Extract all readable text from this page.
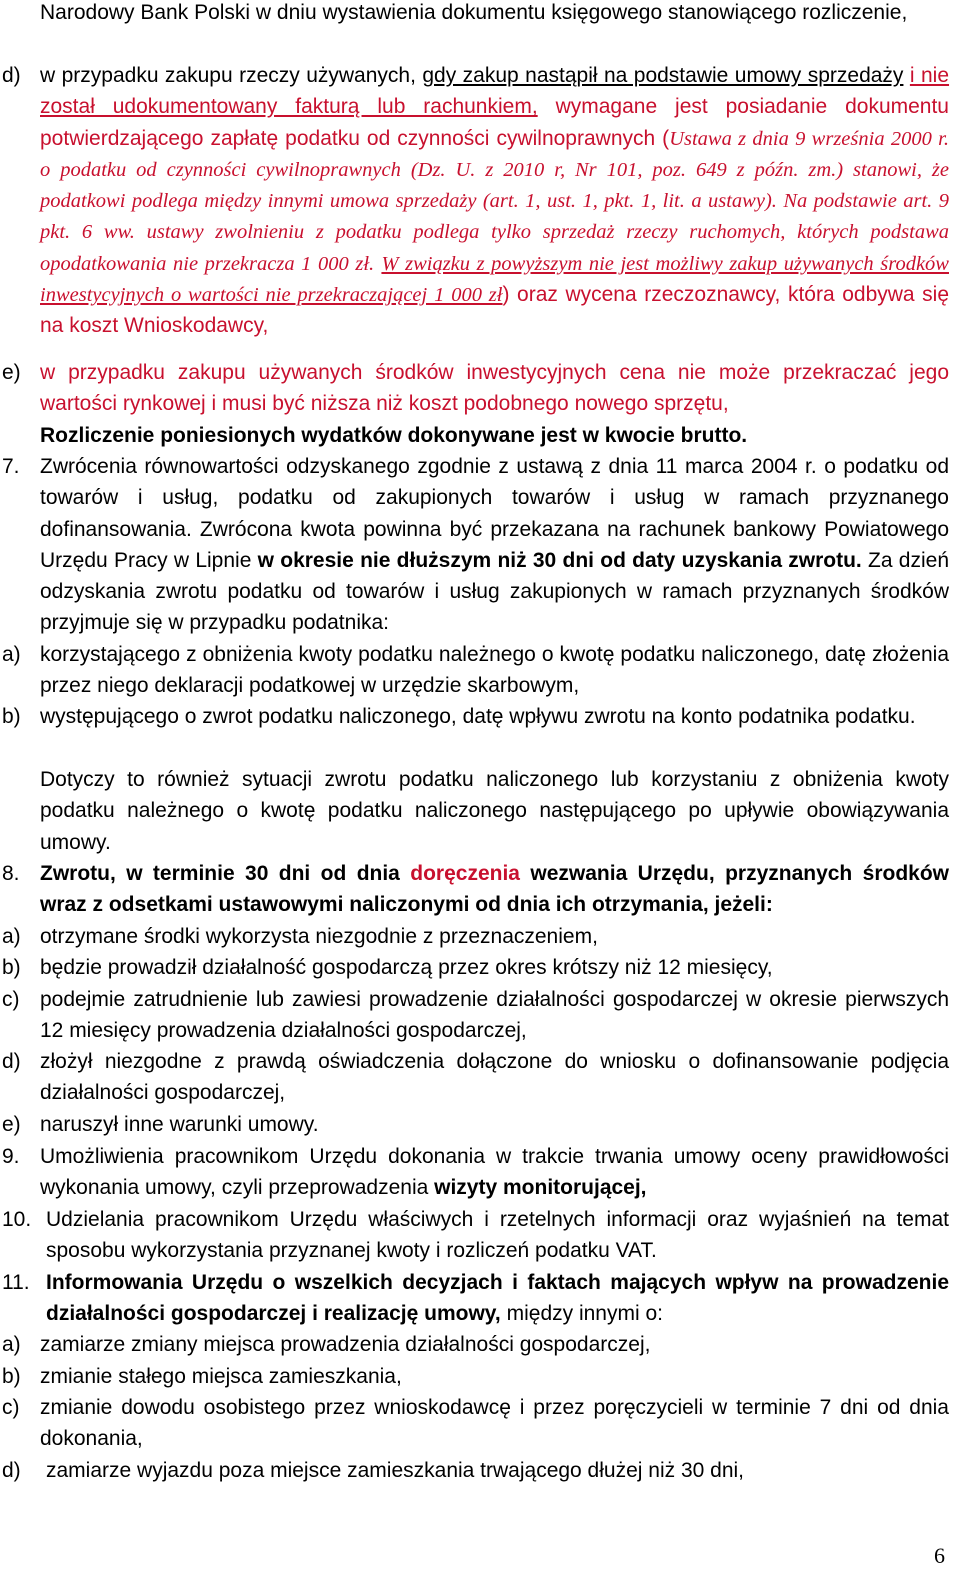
Narodowy Bank Polski w dniu wystawienia dokumentu księgowego stanowiącego rozliczenie,
d) w przypadku zakupu rzeczy używanych, gdy zakup nastąpił na podstawie umowy sprzedaży i nie został udokumentowany fakturą lub rachunkiem, wymagane jest posiadanie dokumentu potwierdzającego zapłatę podatku od czynności cywilnoprawnych (Ustawa z dnia 9 września 2000 r. o podatku od czynności cywilnoprawnych (Dz. U. z 2010 r, Nr 101, poz. 649 z późn. zm.) stanowi, że podatkowi podlega między innymi umowa sprzedaży (art. 1, ust. 1, pkt. 1, lit. a ustawy). Na podstawie art. 9 pkt. 6 ww. ustawy zwolnieniu z podatku podlega tylko sprzedaż rzeczy ruchomych, których podstawa opodatkowania nie przekracza 1 000 zł. W związku z powyższym nie jest możliwy zakup używanych środków inwestycyjnych o wartości nie przekraczającej 1 000 zł) oraz wycena rzeczoznawcy, która odbywa się na koszt Wnioskodawcy,
e) w przypadku zakupu używanych środków inwestycyjnych cena nie może przekraczać jego wartości rynkowej i musi być niższa niż koszt podobnego nowego sprzętu,
Rozliczenie poniesionych wydatków dokonywane jest w kwocie brutto.
7. Zwrócenia równowartości odzyskanego zgodnie z ustawą z dnia 11 marca 2004 r. o podatku od towarów i usług, podatku od zakupionych towarów i usług w ramach przyznanego dofinansowania. Zwrócona kwota powinna być przekazana na rachunek bankowy Powiatowego Urzędu Pracy w Lipnie w okresie nie dłuższym niż 30 dni od daty uzyskania zwrotu. Za dzień odzyskania zwrotu podatku od towarów i usług zakupionych w ramach przyznanych środków przyjmuje się w przypadku podatnika:
a) korzystającego z obniżenia kwoty podatku należnego o kwotę podatku naliczonego, datę złożenia przez niego deklaracji podatkowej w urzędzie skarbowym,
b) występującego o zwrot podatku naliczonego, datę wpływu zwrotu na konto podatnika podatku.
Dotyczy to również sytuacji zwrotu podatku naliczonego lub korzystaniu z obniżenia kwoty podatku należnego o kwotę podatku naliczonego następującego po upływie obowiązywania umowy.
8. Zwrotu, w terminie 30 dni od dnia doręczenia wezwania Urzędu, przyznanych środków wraz z odsetkami ustawowymi naliczonymi od dnia ich otrzymania, jeżeli:
a) otrzymane środki wykorzysta niezgodnie z przeznaczeniem,
b) będzie prowadził działalność gospodarczą przez okres krótszy niż 12 miesięcy,
c) podejmie zatrudnienie lub zawiesi prowadzenie działalności gospodarczej w okresie pierwszych 12 miesięcy prowadzenia działalności gospodarczej,
d) złożył niezgodne z prawdą oświadczenia dołączone do wniosku o dofinansowanie podjęcia działalności gospodarczej,
e) naruszył inne warunki umowy.
9. Umożliwienia pracownikom Urzędu dokonania w trakcie trwania umowy oceny prawidłowości wykonania umowy, czyli przeprowadzenia wizyty monitorującej,
10. Udzielania pracownikom Urzędu właściwych i rzetelnych informacji oraz wyjaśnień na temat sposobu wykorzystania przyznanej kwoty i rozliczeń podatku VAT.
11. Informowania Urzędu o wszelkich decyzjach i faktach mających wpływ na prowadzenie działalności gospodarczej i realizację umowy, między innymi o:
a) zamiarze zmiany miejsca prowadzenia działalności gospodarczej,
b) zmianie stałego miejsca zamieszkania,
c) zmianie dowodu osobistego przez wnioskodawcę i przez poręczycieli w terminie 7 dni od dnia dokonania,
d) zamiarze wyjazdu poza miejsce zamieszkania trwającego dłużej niż 30 dni,
6
